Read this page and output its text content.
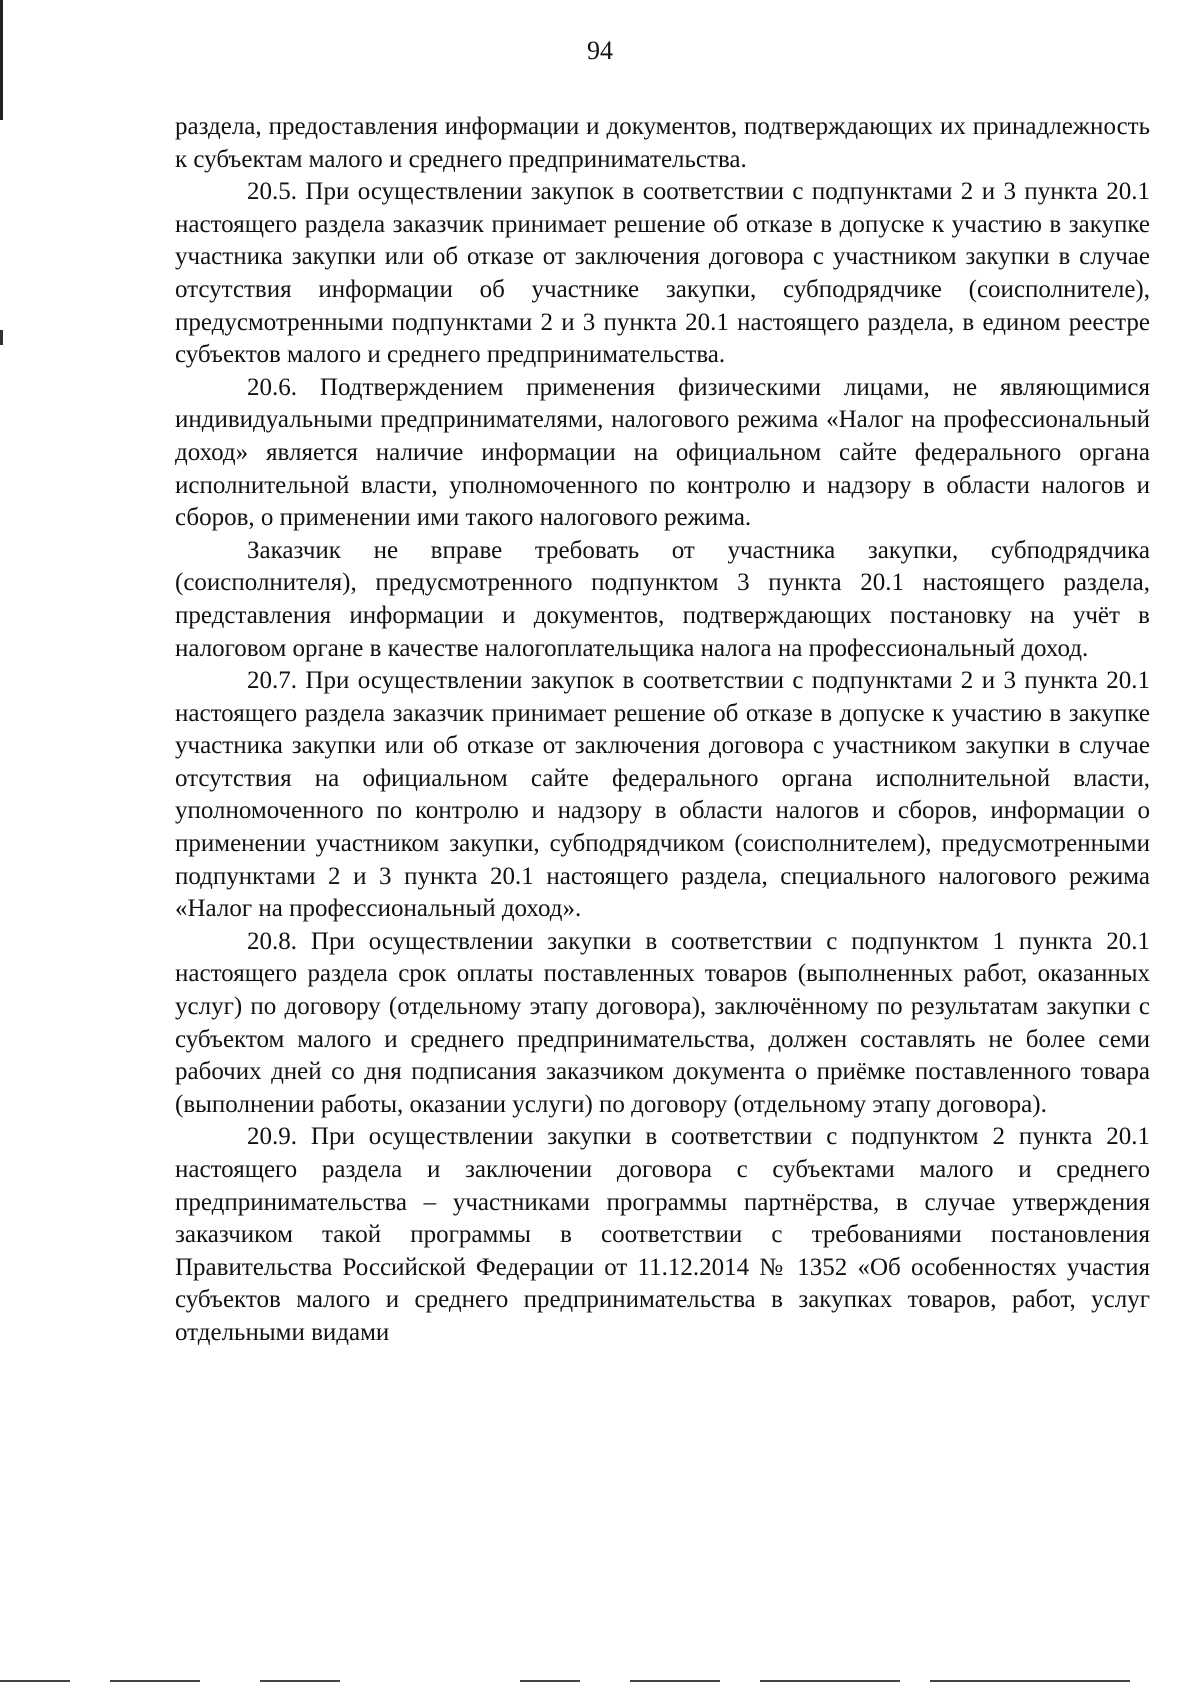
94

раздела, предоставления информации и документов, подтверждающих их принадлежность к субъектам малого и среднего предпринимательства.

20.5. При осуществлении закупок в соответствии с подпунктами 2 и 3 пункта 20.1 настоящего раздела заказчик принимает решение об отказе в допуске к участию в закупке участника закупки или об отказе от заключения договора с участником закупки в случае отсутствия информации об участнике закупки, субподрядчике (соисполнителе), предусмотренными подпунктами 2 и 3 пункта 20.1 настоящего раздела, в едином реестре субъектов малого и среднего предпринимательства.

20.6. Подтверждением применения физическими лицами, не являющимися индивидуальными предпринимателями, налогового режима «Налог на профессиональный доход» является наличие информации на официальном сайте федерального органа исполнительной власти, уполномоченного по контролю и надзору в области налогов и сборов, о применении ими такого налогового режима.

Заказчик не вправе требовать от участника закупки, субподрядчика (соисполнителя), предусмотренного подпунктом 3 пункта 20.1 настоящего раздела, представления информации и документов, подтверждающих постановку на учёт в налоговом органе в качестве налогоплательщика налога на профессиональный доход.

20.7. При осуществлении закупок в соответствии с подпунктами 2 и 3 пункта 20.1 настоящего раздела заказчик принимает решение об отказе в допуске к участию в закупке участника закупки или об отказе от заключения договора с участником закупки в случае отсутствия на официальном сайте федерального органа исполнительной власти, уполномоченного по контролю и надзору в области налогов и сборов, информации о применении участником закупки, субподрядчиком (соисполнителем), предусмотренными подпунктами 2 и 3 пункта 20.1 настоящего раздела, специального налогового режима «Налог на профессиональный доход».

20.8. При осуществлении закупки в соответствии с подпунктом 1 пункта 20.1 настоящего раздела срок оплаты поставленных товаров (выполненных работ, оказанных услуг) по договору (отдельному этапу договора), заключённому по результатам закупки с субъектом малого и среднего предпринимательства, должен составлять не более семи рабочих дней со дня подписания заказчиком документа о приёмке поставленного товара (выполнении работы, оказании услуги) по договору (отдельному этапу договора).

20.9. При осуществлении закупки в соответствии с подпунктом 2 пункта 20.1 настоящего раздела и заключении договора с субъектами малого и среднего предпринимательства – участниками программы партнёрства, в случае утверждения заказчиком такой программы в соответствии с требованиями постановления Правительства Российской Федерации от 11.12.2014 № 1352 «Об особенностях участия субъектов малого и среднего предпринимательства в закупках товаров, работ, услуг отдельными видами
